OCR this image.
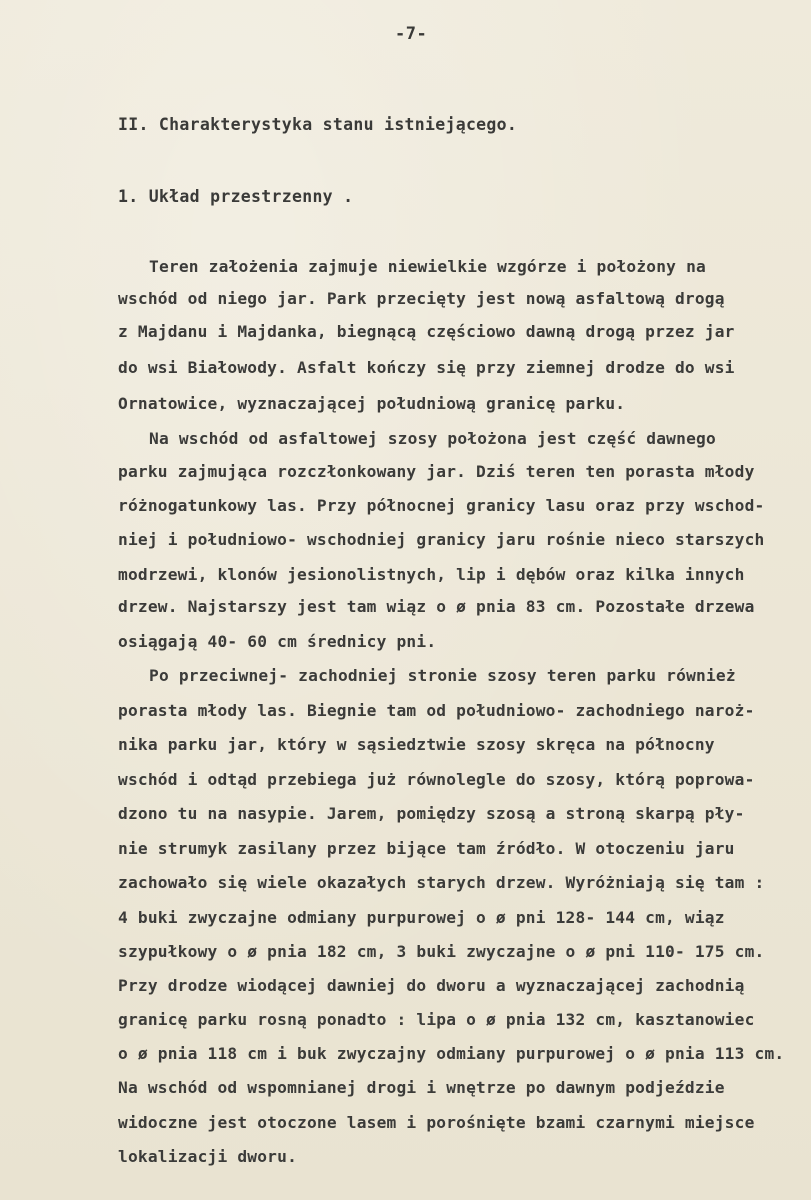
-7-
II. Charakterystyka stanu istniejącego.
1. Układ przestrzenny .
Teren założenia zajmuje niewielkie wzgórze i położony na
wschód od niego jar. Park przecięty jest nową asfaltową drogą
z Majdanu i Majdanka, biegnącą częściowo dawną drogą przez jar
do wsi Białowody. Asfalt kończy się przy ziemnej drodze do wsi
Ornatowice, wyznaczającej południową granicę parku.
Na wschód od asfaltowej szosy położona jest część dawnego
parku zajmująca rozczłonkowany jar. Dziś teren ten porasta młody
różnogatunkowy las. Przy północnej granicy lasu oraz przy wschod-
niej i południowo- wschodniej granicy jaru rośnie nieco starszych
modrzewi, klonów jesionolistnych, lip i dębów oraz kilka innych
drzew. Najstarszy jest tam wiąz o ø pnia 83 cm. Pozostałe drzewa
osiągają 40- 60 cm średnicy pni.
Po przeciwnej- zachodniej stronie szosy teren parku również
porasta młody las. Biegnie tam od południowo- zachodniego naroż-
nika parku jar, który w sąsiedztwie szosy skręca na północny
wschód i odtąd przebiega już równolegle do szosy, którą poprowa-
dzono tu na nasypie. Jarem, pomiędzy szosą a stroną skarpą pły-
nie strumyk zasilany przez bijące tam źródło. W otoczeniu jaru
zachowało się wiele okazałych starych drzew. Wyróżniają się tam :
4 buki zwyczajne odmiany purpurowej o ø pni 128- 144 cm, wiąz
szypułkowy o ø pnia 182 cm, 3 buki zwyczajne o ø pni 110- 175 cm.
Przy drodze wiodącej dawniej do dworu a wyznaczającej zachodnią
granicę parku rosną ponadto : lipa o ø pnia 132 cm, kasztanowiec
o ø pnia 118 cm i buk zwyczajny odmiany purpurowej o ø pnia 113 cm.
Na wschód od wspomnianej drogi i wnętrze po dawnym podjeździe
widoczne jest otoczone lasem i porośnięte bzami czarnymi miejsce
lokalizacji dworu.
